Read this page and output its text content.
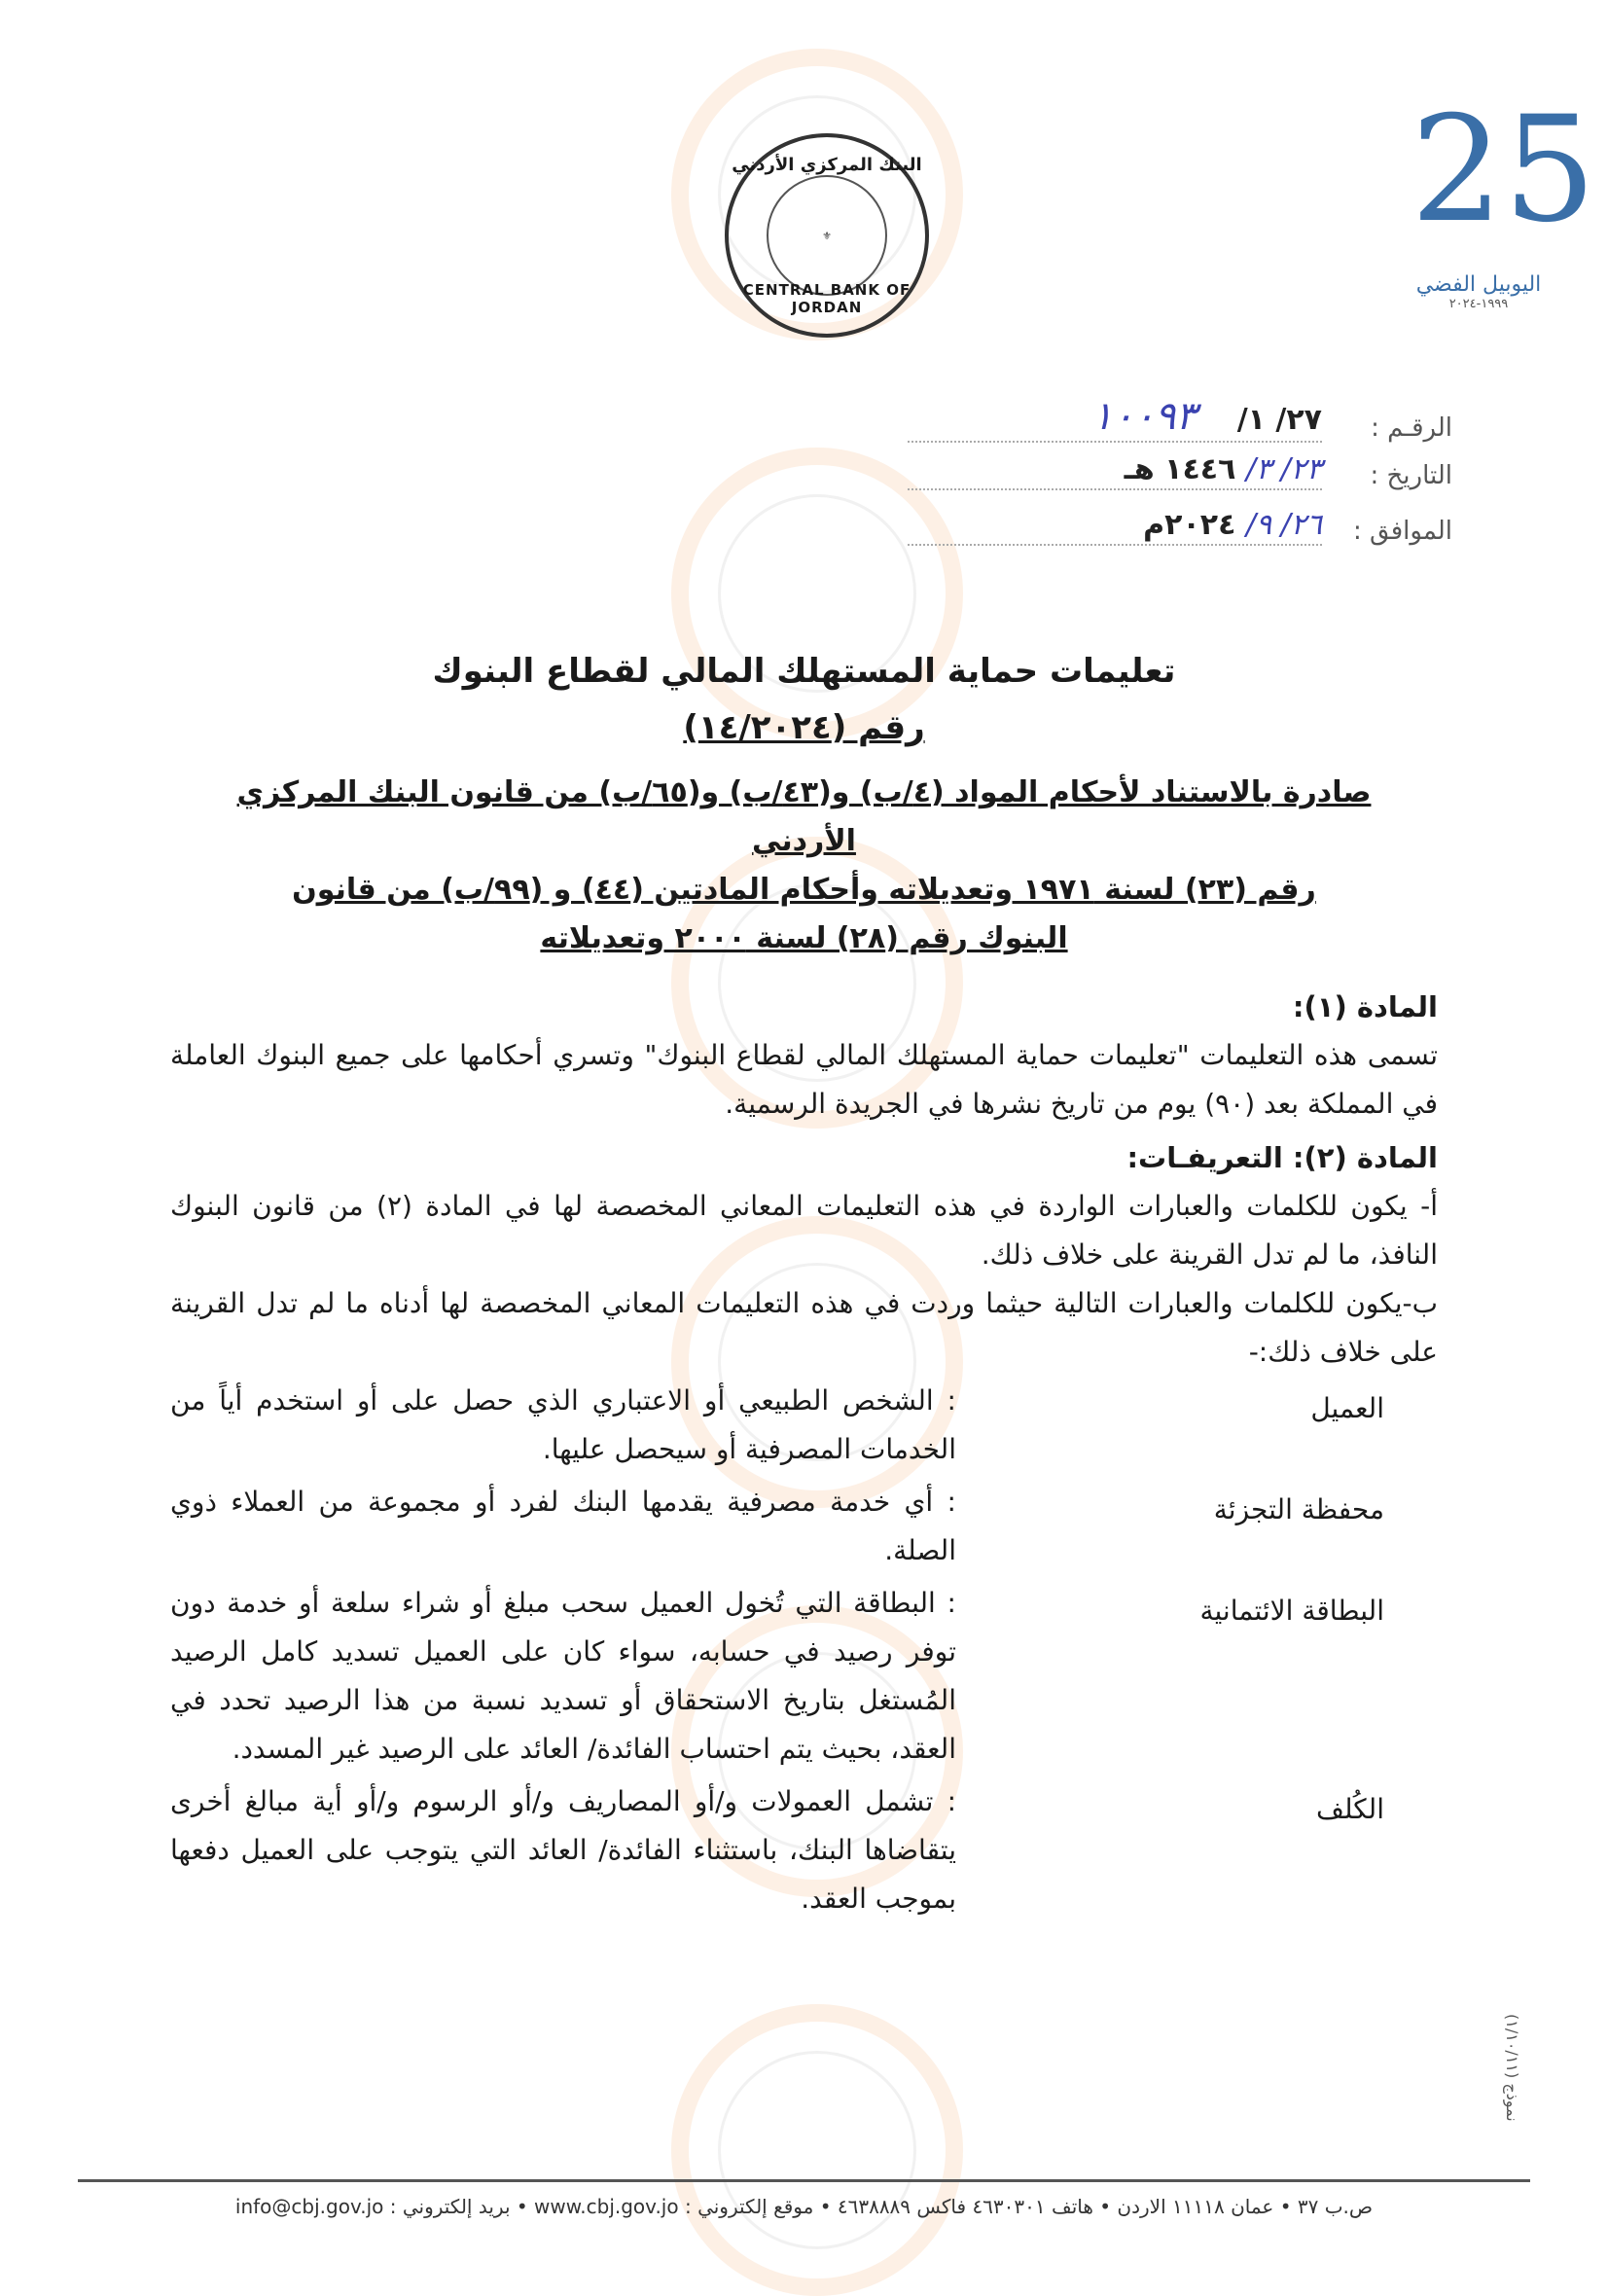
البنك المركزي الأردني
⚜
CENTRAL BANK OF JORDAN
25
اليوبيل الفضي
١٩٩٩-٢٠٢٤
الرقـم :
٢٧/ ١/    ١٠٠٩٣
التاريخ :
٢٣/ ٣/ ١٤٤٦ هـ
الموافق :
٢٦/ ٩/ ٢٠٢٤م
تعليمات حماية المستهلك المالي لقطاع البنوك
رقم (١٤/٢٠٢٤)
صادرة بالاستناد لأحكام المواد (٤/ب) و(٤٣/ب) و(٦٥/ب) من قانون البنك المركزي الأردني
رقم (٢٣) لسنة ١٩٧١ وتعديلاته وأحكام المادتين (٤٤) و (٩٩/ب) من قانون
البنوك رقم (٢٨) لسنة ٢٠٠٠ وتعديلاته
المادة (١):
تسمى هذه التعليمات "تعليمات حماية المستهلك المالي لقطاع البنوك" وتسري أحكامها على جميع البنوك العاملة في المملكة بعد (٩٠) يوم من تاريخ نشرها في الجريدة الرسمية.
المادة (٢): التعريفـات:
أ- يكون للكلمات والعبارات الواردة في هذه التعليمات المعاني المخصصة لها في المادة (٢) من قانون البنوك النافذ، ما لم تدل القرينة على خلاف ذلك.
ب-يكون للكلمات والعبارات التالية حيثما وردت في هذه التعليمات المعاني المخصصة لها أدناه ما لم تدل القرينة على خلاف ذلك:-
العميل
: الشخص الطبيعي أو الاعتباري الذي حصل على أو استخدم أياً من الخدمات المصرفية أو سيحصل عليها.
محفظة التجزئة
: أي خدمة مصرفية يقدمها البنك لفرد أو مجموعة من العملاء ذوي الصلة.
البطاقة الائتمانية
: البطاقة التي تُخول العميل سحب مبلغ أو شراء سلعة أو خدمة دون توفر رصيد في حسابه، سواء كان على العميل تسديد كامل الرصيد المُستغل بتاريخ الاستحقاق أو تسديد نسبة من هذا الرصيد تحدد في العقد، بحيث يتم احتساب الفائدة/ العائد على الرصيد غير المسدد.
الكُلف
: تشمل العمولات و/أو المصاريف و/أو الرسوم و/أو أية مبالغ أخرى يتقاضاها البنك، باستثناء الفائدة/ العائد التي يتوجب على العميل دفعها بموجب العقد.
نموذج (١/١٠/١١)
ص.ب ٣٧ • عمان ١١١١٨ الاردن • هاتف ٤٦٣٠٣٠١ فاكس ٤٦٣٨٨٨٩ • موقع إلكتروني : www.cbj.gov.jo • بريد إلكتروني : info@cbj.gov.jo
